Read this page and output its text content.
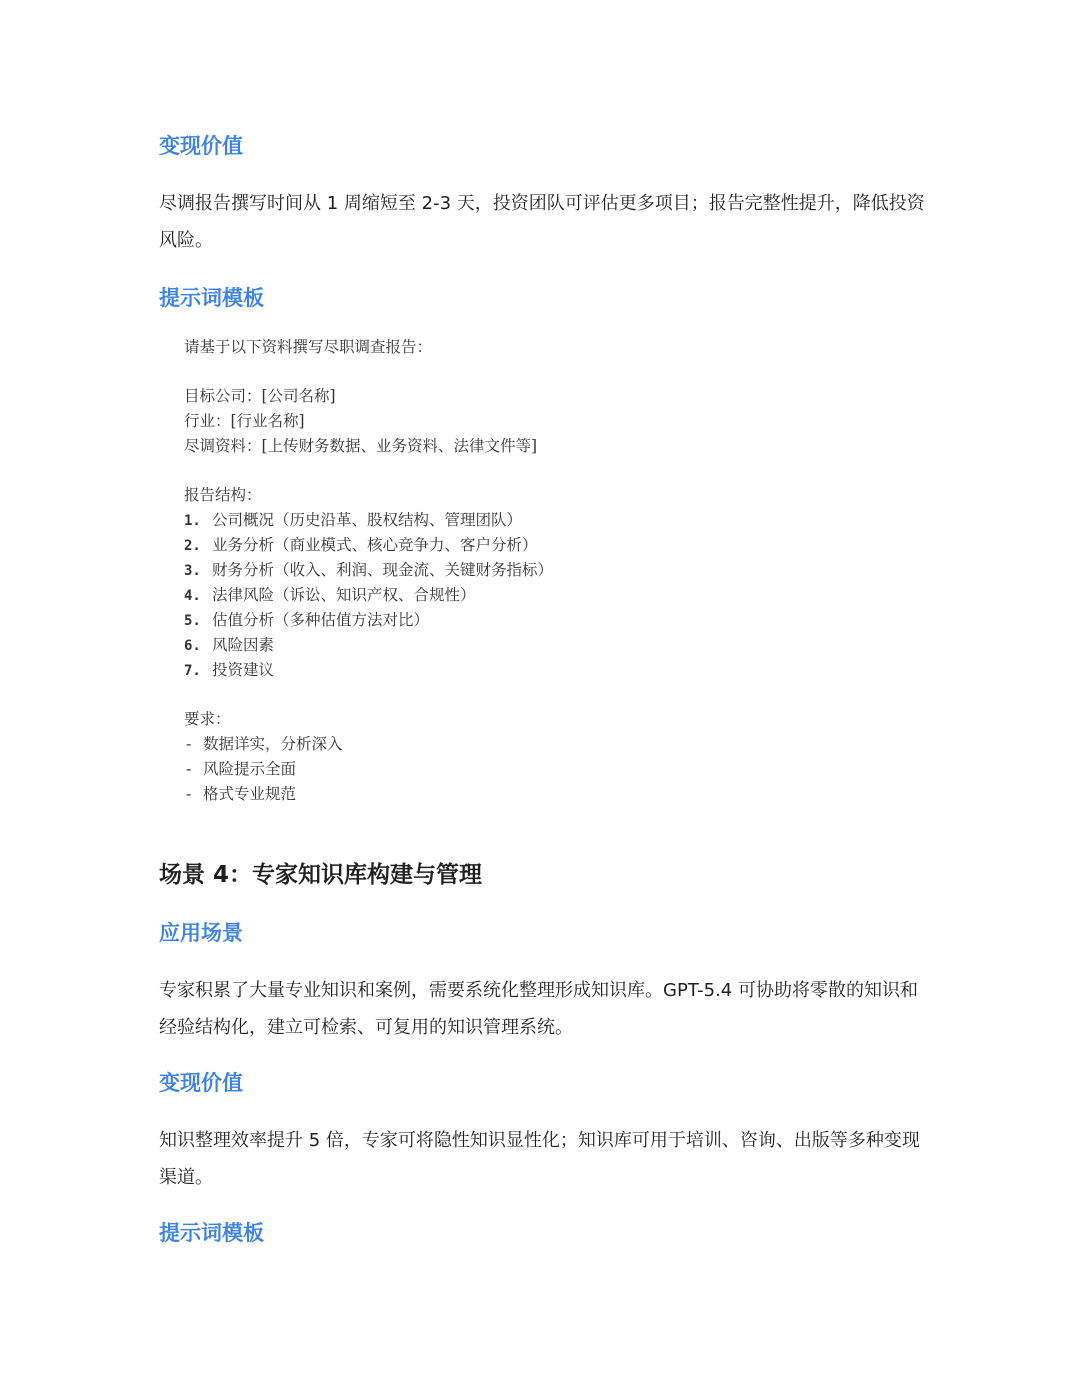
变现价值

尽调报告撰写时间从 1 周缩短至 2-3 天，投资团队可评估更多项目；报告完整性提升，降低投资风险。

提示词模板
请基于以下资料撰写尽职调查报告：
目标公司：[公司名称]
行业：[行业名称]
尽调资料：[上传财务数据、业务资料、法律文件等]
报告结构：
1. 公司概况（历史沿革、股权结构、管理团队）
2. 业务分析（商业模式、核心竞争力、客户分析）
3. 财务分析（收入、利润、现金流、关键财务指标）
4. 法律风险（诉讼、知识产权、合规性）
5. 估值分析（多种估值方法对比）
6. 风险因素
7. 投资建议
要求：
- 数据详实，分析深入
- 风险提示全面
- 格式专业规范
场景 4：专家知识库构建与管理
应用场景

专家积累了大量专业知识和案例，需要系统化整理形成知识库。GPT-5.4 可协助将零散的知识和经验结构化，建立可检索、可复用的知识管理系统。

变现价值

知识整理效率提升 5 倍，专家可将隐性知识显性化；知识库可用于培训、咨询、出版等多种变现渠道。

提示词模板
